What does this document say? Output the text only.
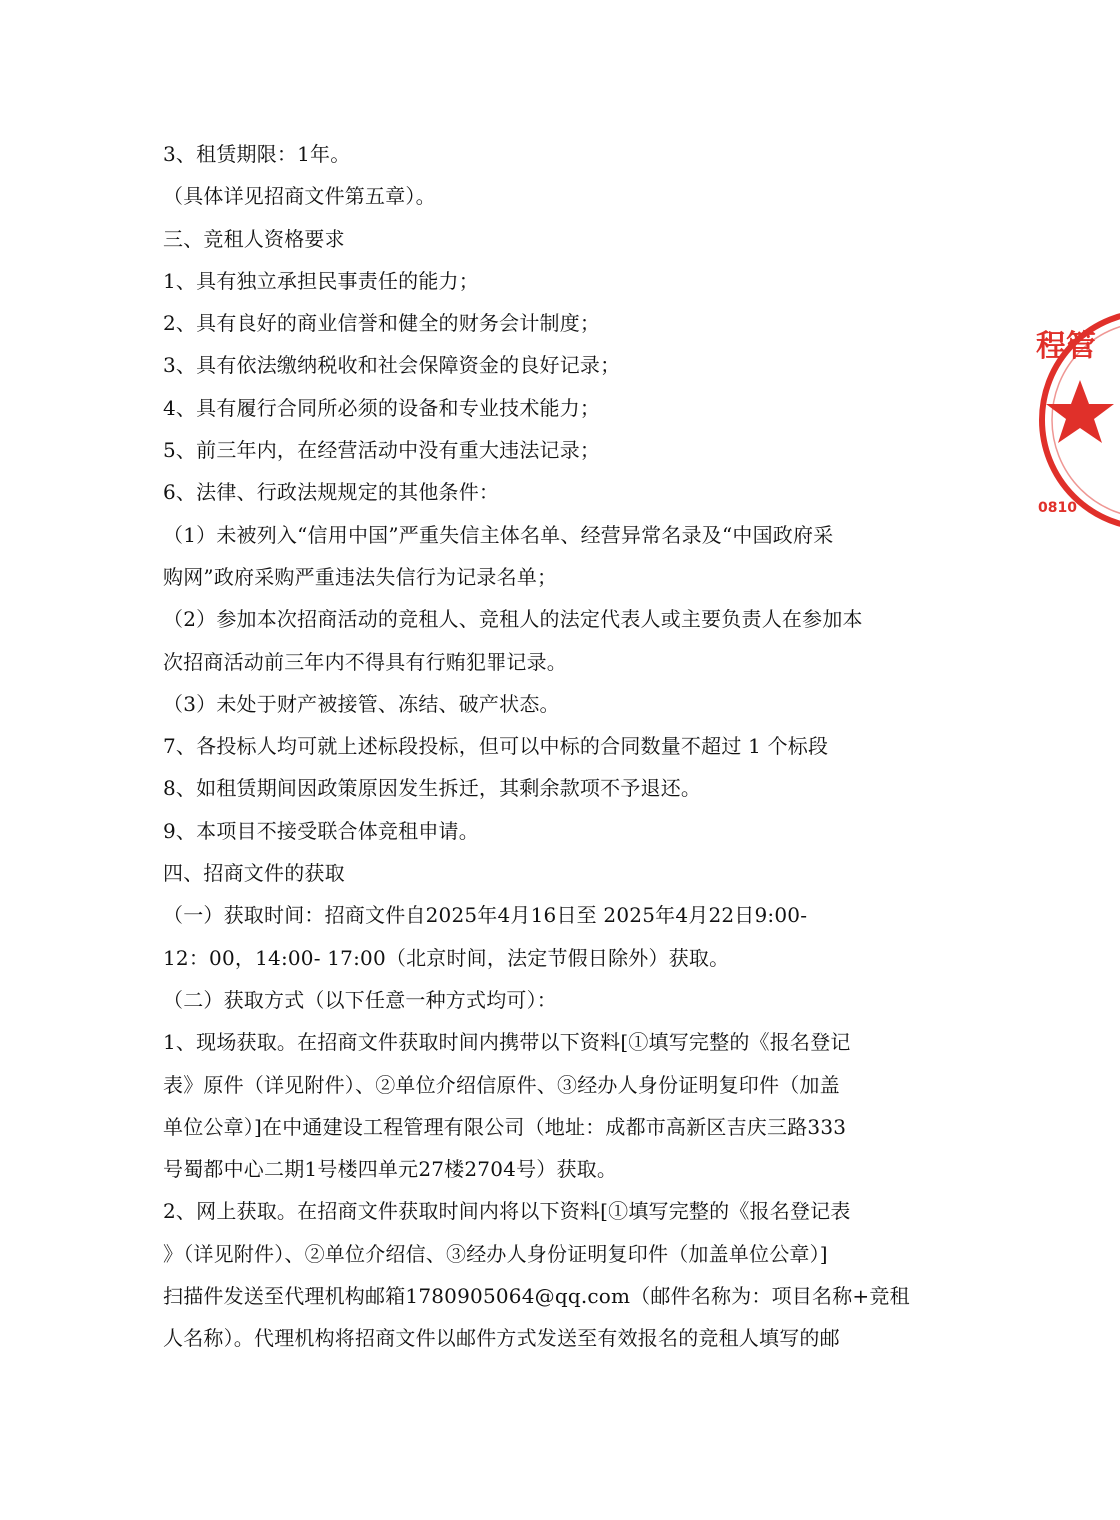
3、租赁期限：1年。
（具体详见招商文件第五章）。
三、竞租人资格要求
1、具有独立承担民事责任的能力；
2、具有良好的商业信誉和健全的财务会计制度；
3、具有依法缴纳税收和社会保障资金的良好记录；
4、具有履行合同所必须的设备和专业技术能力；
5、前三年内，在经营活动中没有重大违法记录；
6、法律、行政法规规定的其他条件：
（1）未被列入“信用中国”严重失信主体名单、经营异常名录及“中国政府采
购网”政府采购严重违法失信行为记录名单；
（2）参加本次招商活动的竞租人、竞租人的法定代表人或主要负责人在参加本
次招商活动前三年内不得具有行贿犯罪记录。
（3）未处于财产被接管、冻结、破产状态。
7、各投标人均可就上述标段投标，但可以中标的合同数量不超过 1 个标段
8、如租赁期间因政策原因发生拆迁，其剩余款项不予退还。
9、本项目不接受联合体竞租申请。
四、招商文件的获取
（一）获取时间：招商文件自2025年4月16日至 2025年4月22日9:00-
12：00，14:00- 17:00（北京时间，法定节假日除外）获取。
（二）获取方式（以下任意一种方式均可）：
1、现场获取。在招商文件获取时间内携带以下资料[①填写完整的《报名登记
表》原件（详见附件）、②单位介绍信原件、③经办人身份证明复印件（加盖
单位公章）]在中通建设工程管理有限公司（地址：成都市高新区吉庆三路333
号蜀都中心二期1号楼四单元27楼2704号）获取。
2、网上获取。在招商文件获取时间内将以下资料[①填写完整的《报名登记表
》（详见附件）、②单位介绍信、③经办人身份证明复印件（加盖单位公章）]
扫描件发送至代理机构邮箱1780905064@qq.com（邮件名称为：项目名称+竞租
人名称）。代理机构将招商文件以邮件方式发送至有效报名的竞租人填写的邮
程管
0810
